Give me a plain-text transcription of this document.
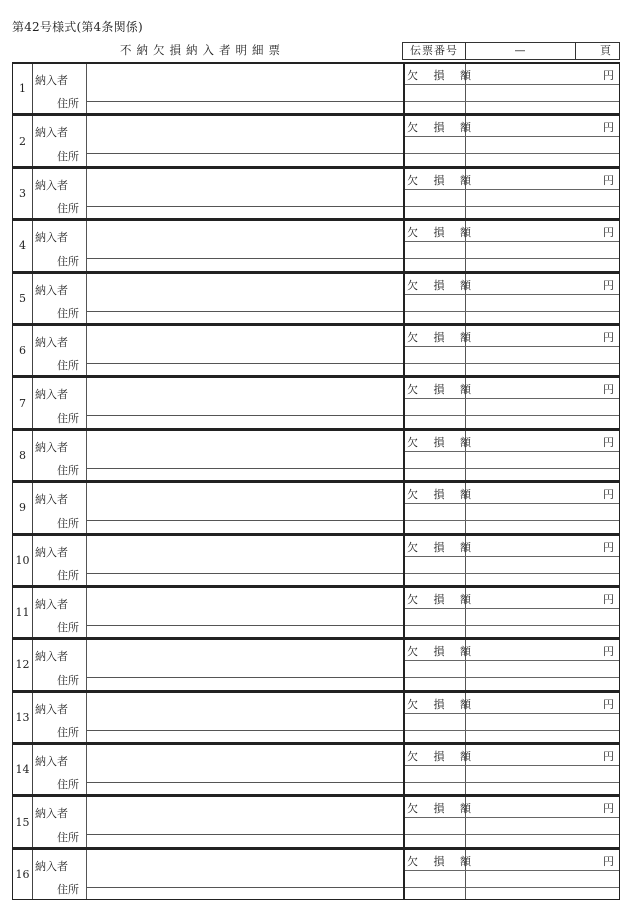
第42号様式(第4条関係)
不納欠損納入者明細票	伝票番号	—	頁
1
納入者
住所
欠 損 額	円
2
納入者
住所
欠 損 額	円
3
納入者
住所
欠 損 額	円
4
納入者
住所
欠 損 額	円
5
納入者
住所
欠 損 額	円
6
納入者
住所
欠 損 額	円
7
納入者
住所
欠 損 額	円
8
納入者
住所
欠 損 額	円
9
納入者
住所
欠 損 額	円
10
納入者
住所
欠 損 額	円
11
納入者
住所
欠 損 額	円
12
納入者
住所
欠 損 額	円
13
納入者
住所
欠 損 額	円
14
納入者
住所
欠 損 額	円
15
納入者
住所
欠 損 額	円
16
納入者
住所
欠 損 額	円
